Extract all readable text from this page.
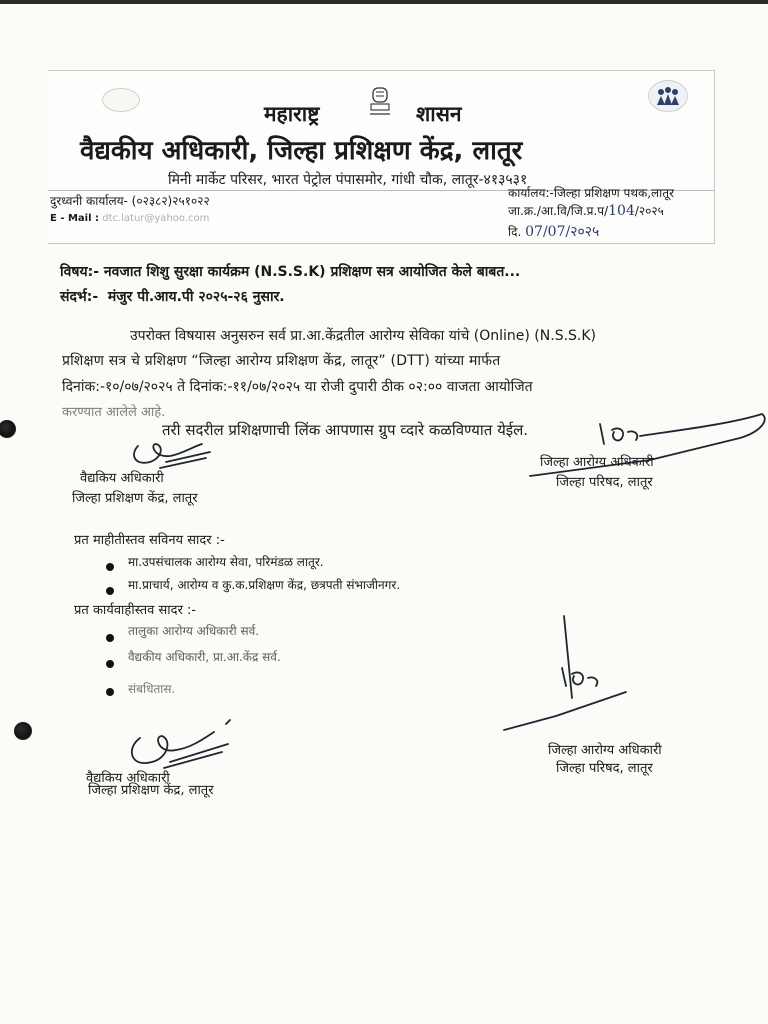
महाराष्ट्र	शासन
वैद्यकीय अधिकारी, जिल्हा प्रशिक्षण केंद्र, लातूर
मिनी मार्केट परिसर, भारत पेट्रोल पंपासमोर, गांधी चौक, लातूर-४१३५३१
दुरध्वनी कार्यालय- (०२३८२)२५१०२२
E - Mail : dtc.latur@yahoo.com
कार्यालय:-जिल्हा प्रशिक्षण पथक,लातूर
जा.क्र./आ.वि/जि.प्र.प/104/२०२५
दि. 07/07/२०२५
विषय:- नवजात शिशु सुरक्षा कार्यक्रम (N.S.S.K) प्रशिक्षण सत्र आयोजित केले बाबत...
संदर्भ:- मंजुर पी.आय.पी २०२५-२६ नुसार.
उपरोक्त विषयास अनुसरुन सर्व प्रा.आ.केंद्रतील आरोग्य सेविका यांचे (Online) (N.S.S.K)
प्रशिक्षण सत्र चे प्रशिक्षण “जिल्हा आरोग्य प्रशिक्षण केंद्र, लातूर” (DTT) यांच्या मार्फत
दिनांक:-१०/०७/२०२५ ते दिनांक:-११/०७/२०२५ या रोजी दुपारी ठीक ०२:०० वाजता आयोजित
करण्यात आलेले आहे.
तरी सदरील प्रशिक्षणाची लिंक आपणास ग्रुप व्दारे कळविण्यात येईल.
वैद्यकिय अधिकारी
जिल्हा प्रशिक्षण केंद्र, लातूर
जिल्हा आरोग्य अधिकारी
जिल्हा परिषद, लातूर
प्रत माहीतीस्तव सविनय सादर :-
मा.उपसंचालक आरोग्य सेवा, परिमंडळ लातूर.
मा.प्राचार्य, आरोग्य व कु.क.प्रशिक्षण केंद्र, छत्रपती संभाजीनगर.
प्रत कार्यवाहीस्तव सादर :-
तालुका आरोग्य अधिकारी सर्व.
वैद्यकीय अधिकारी, प्रा.आ.केंद्र सर्व.
संबधितास.
वैद्यकिय अधिकारी
जिल्हा प्रशिक्षण केंद्र, लातूर
जिल्हा आरोग्य अधिकारी
जिल्हा परिषद, लातूर
